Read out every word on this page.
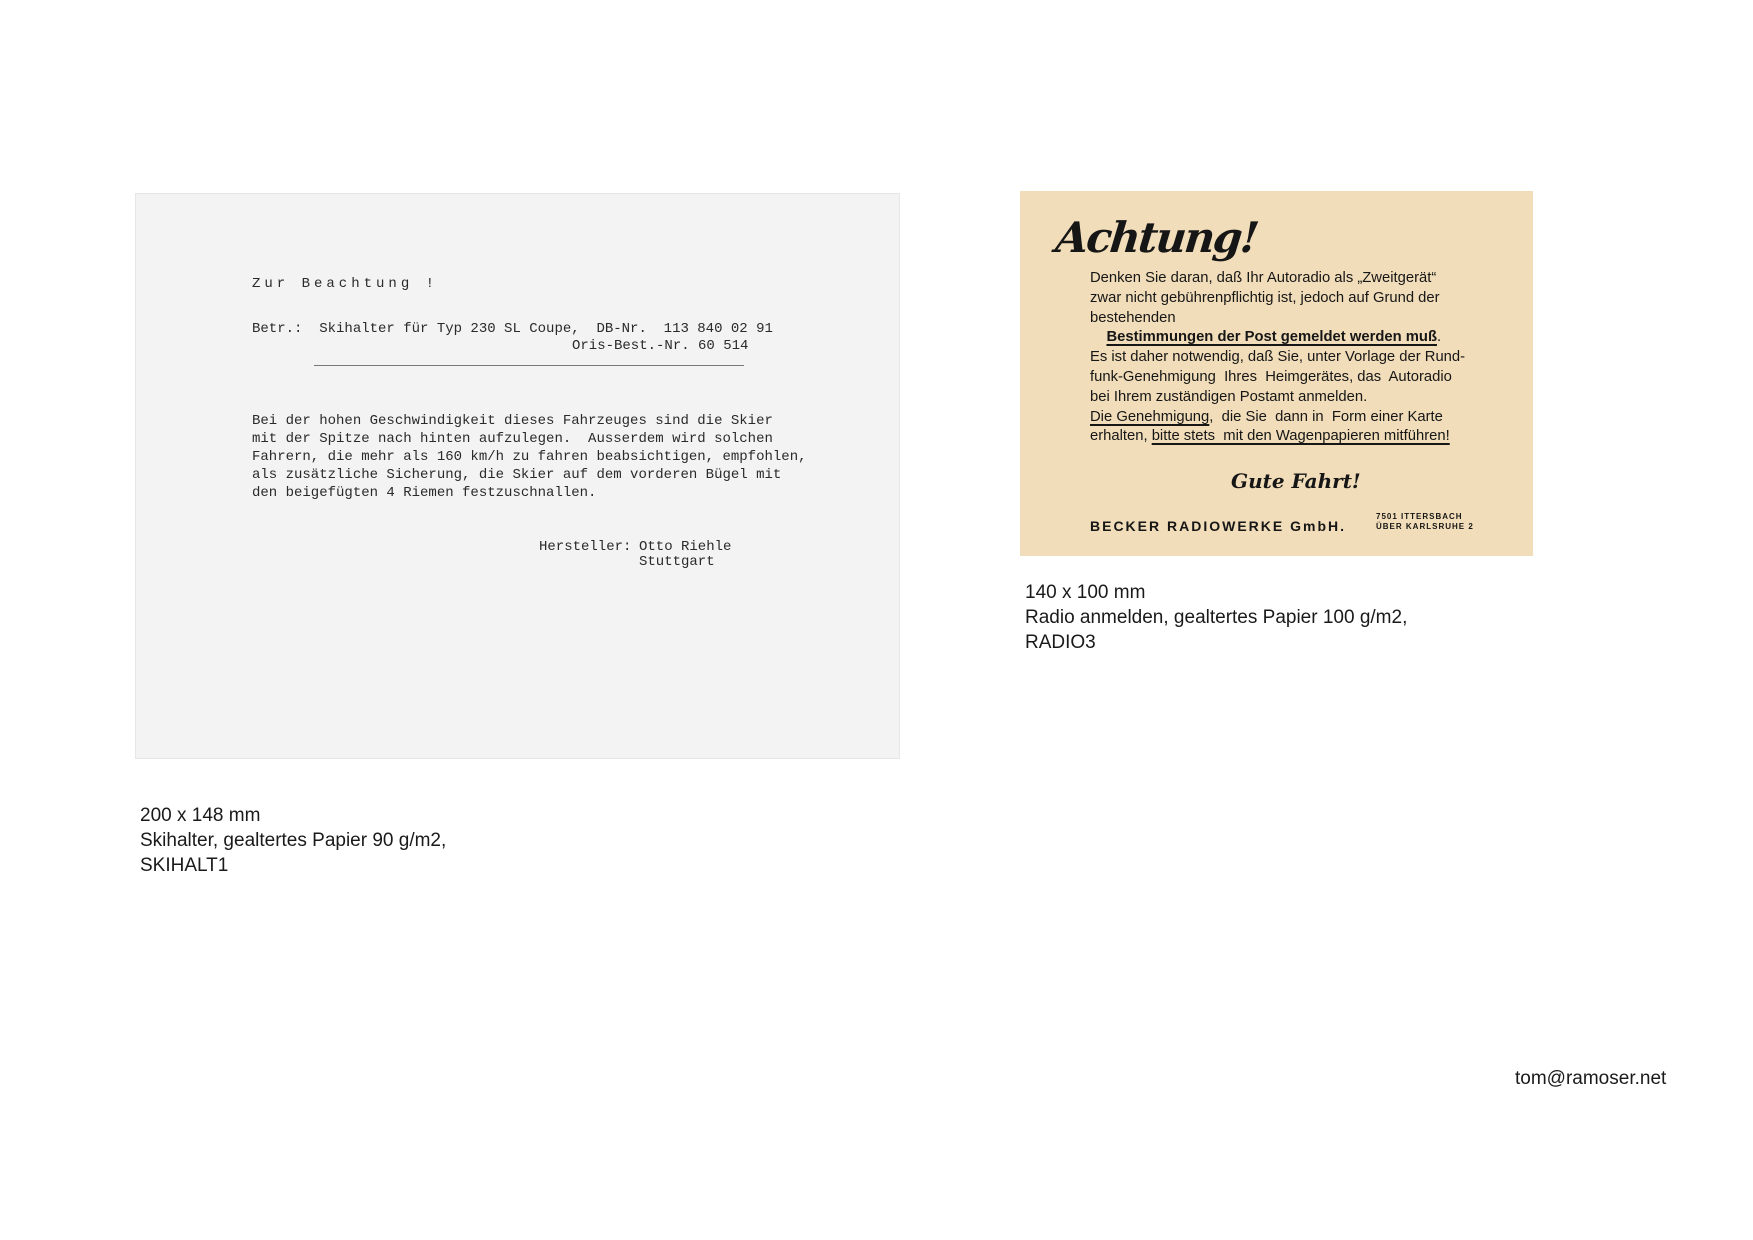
Zur Beachtung !
Betr.:  Skihalter für Typ 230 SL Coupe,  DB-Nr.  113 840 02 91
Oris-Best.-Nr. 60 514
Bei der hohen Geschwindigkeit dieses Fahrzeuges sind die Skier
mit der Spitze nach hinten aufzulegen.  Ausserdem wird solchen
Fahrern, die mehr als 160 km/h zu fahren beabsichtigen, empfohlen,
als zusätzliche Sicherung, die Skier auf dem vorderen Bügel mit
den beigefügten 4 Riemen festzuschnallen.
Hersteller: Otto Riehle
Stuttgart
Achtung!
Denken Sie daran, daß Ihr Autoradio als „Zweitgerät“
zwar nicht gebührenpflichtig ist, jedoch auf Grund der
bestehenden
Bestimmungen der Post gemeldet werden muß.
Es ist daher notwendig, daß Sie, unter Vorlage der Rund-
funk-Genehmigung  Ihres  Heimgerätes, das  Autoradio
bei Ihrem zuständigen Postamt anmelden.
Die Genehmigung,  die Sie  dann in  Form einer Karte
erhalten, bitte stets  mit den Wagenpapieren mitführen!
Gute Fahrt!
BECKER RADIOWERKE GmbH.
7501 ITTERSBACH
ÜBER KARLSRUHE 2
200 x 148 mm
Skihalter, gealtertes Papier 90 g/m2,
SKIHALT1
140 x 100 mm
Radio anmelden, gealtertes Papier 100 g/m2,
RADIO3
tom@ramoser.net
